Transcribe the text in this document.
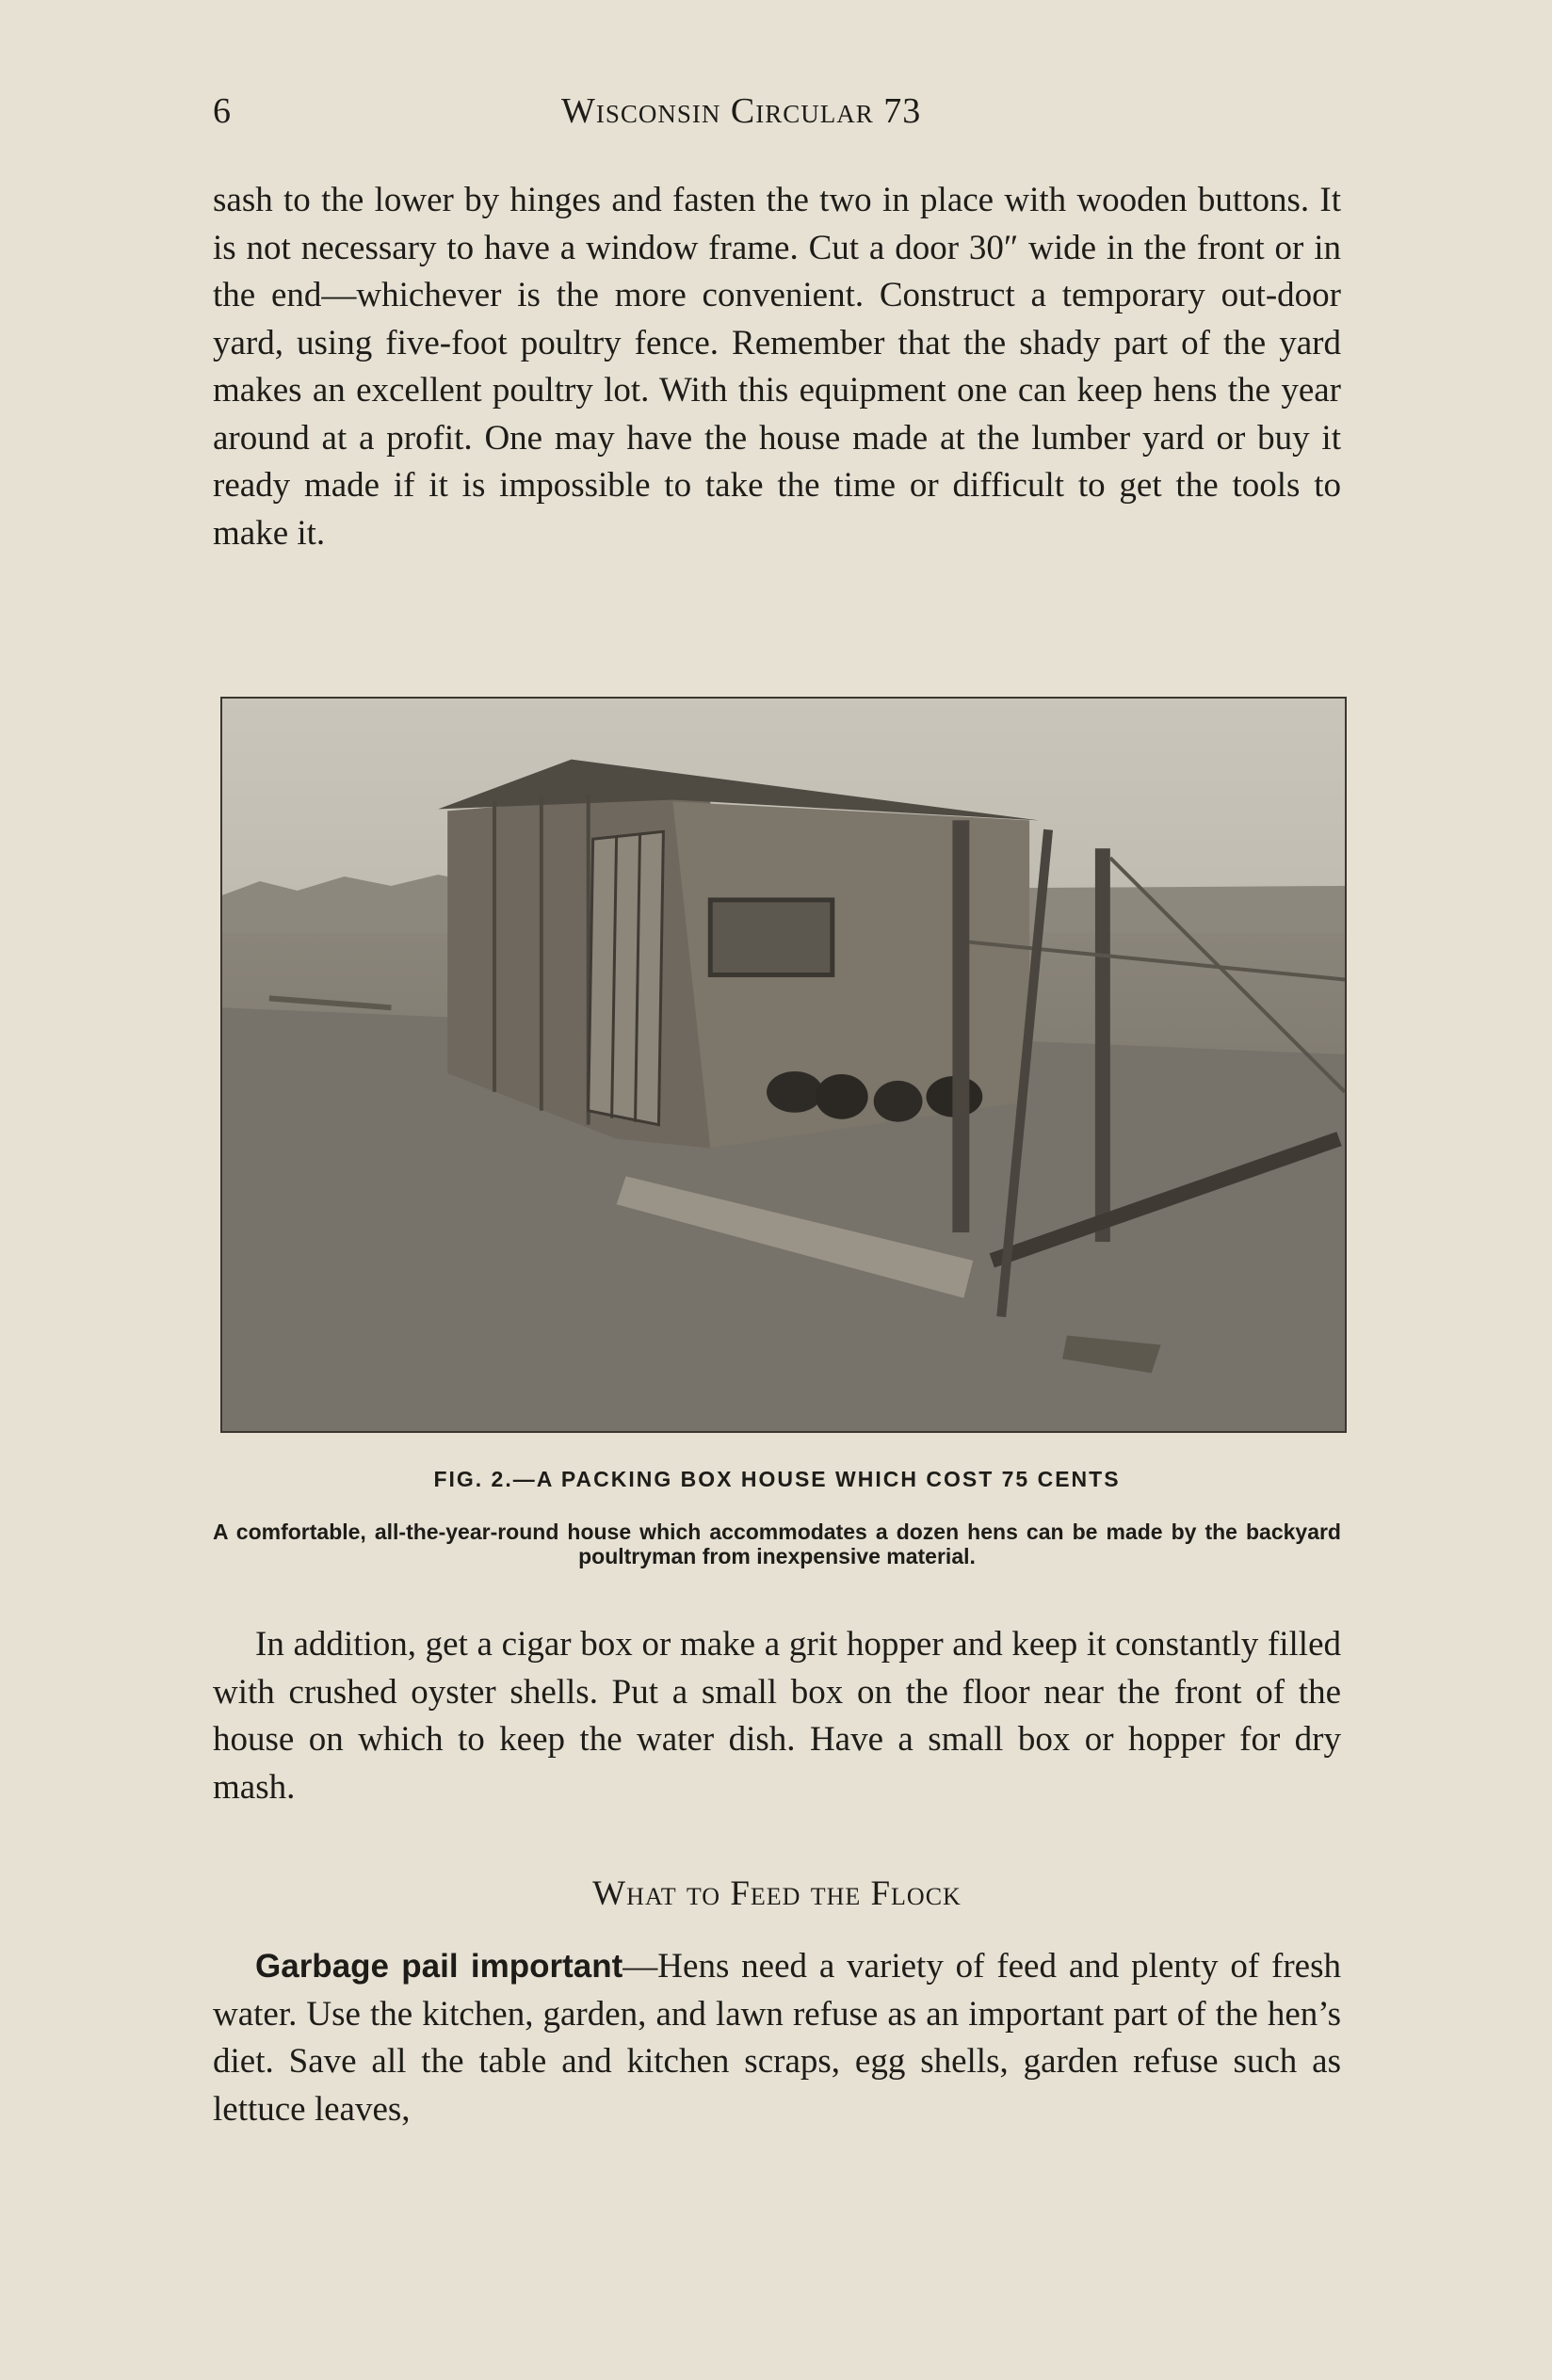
6	Wisconsin Circular 73

sash to the lower by hinges and fasten the two in place with wooden buttons. It is not necessary to have a window frame. Cut a door 30″ wide in the front or in the end—whichever is the more convenient. Construct a temporary out-door yard, using five-foot poultry fence. Remember that the shady part of the yard makes an excellent poultry lot. With this equipment one can keep hens the year around at a profit. One may have the house made at the lumber yard or buy it ready made if it is impossible to take the time or difficult to get the tools to make it.

FIG. 2.—A PACKING BOX HOUSE WHICH COST 75 CENTS
A comfortable, all-the-year-round house which accommodates a dozen hens can be made by the backyard poultryman from inexpensive material.

In addition, get a cigar box or make a grit hopper and keep it constantly filled with crushed oyster shells. Put a small box on the floor near the front of the house on which to keep the water dish. Have a small box or hopper for dry mash.

What to Feed the Flock

Garbage pail important—Hens need a variety of feed and plenty of fresh water. Use the kitchen, garden, and lawn refuse as an important part of the hen’s diet. Save all the table and kitchen scraps, egg shells, garden refuse such as lettuce leaves,
